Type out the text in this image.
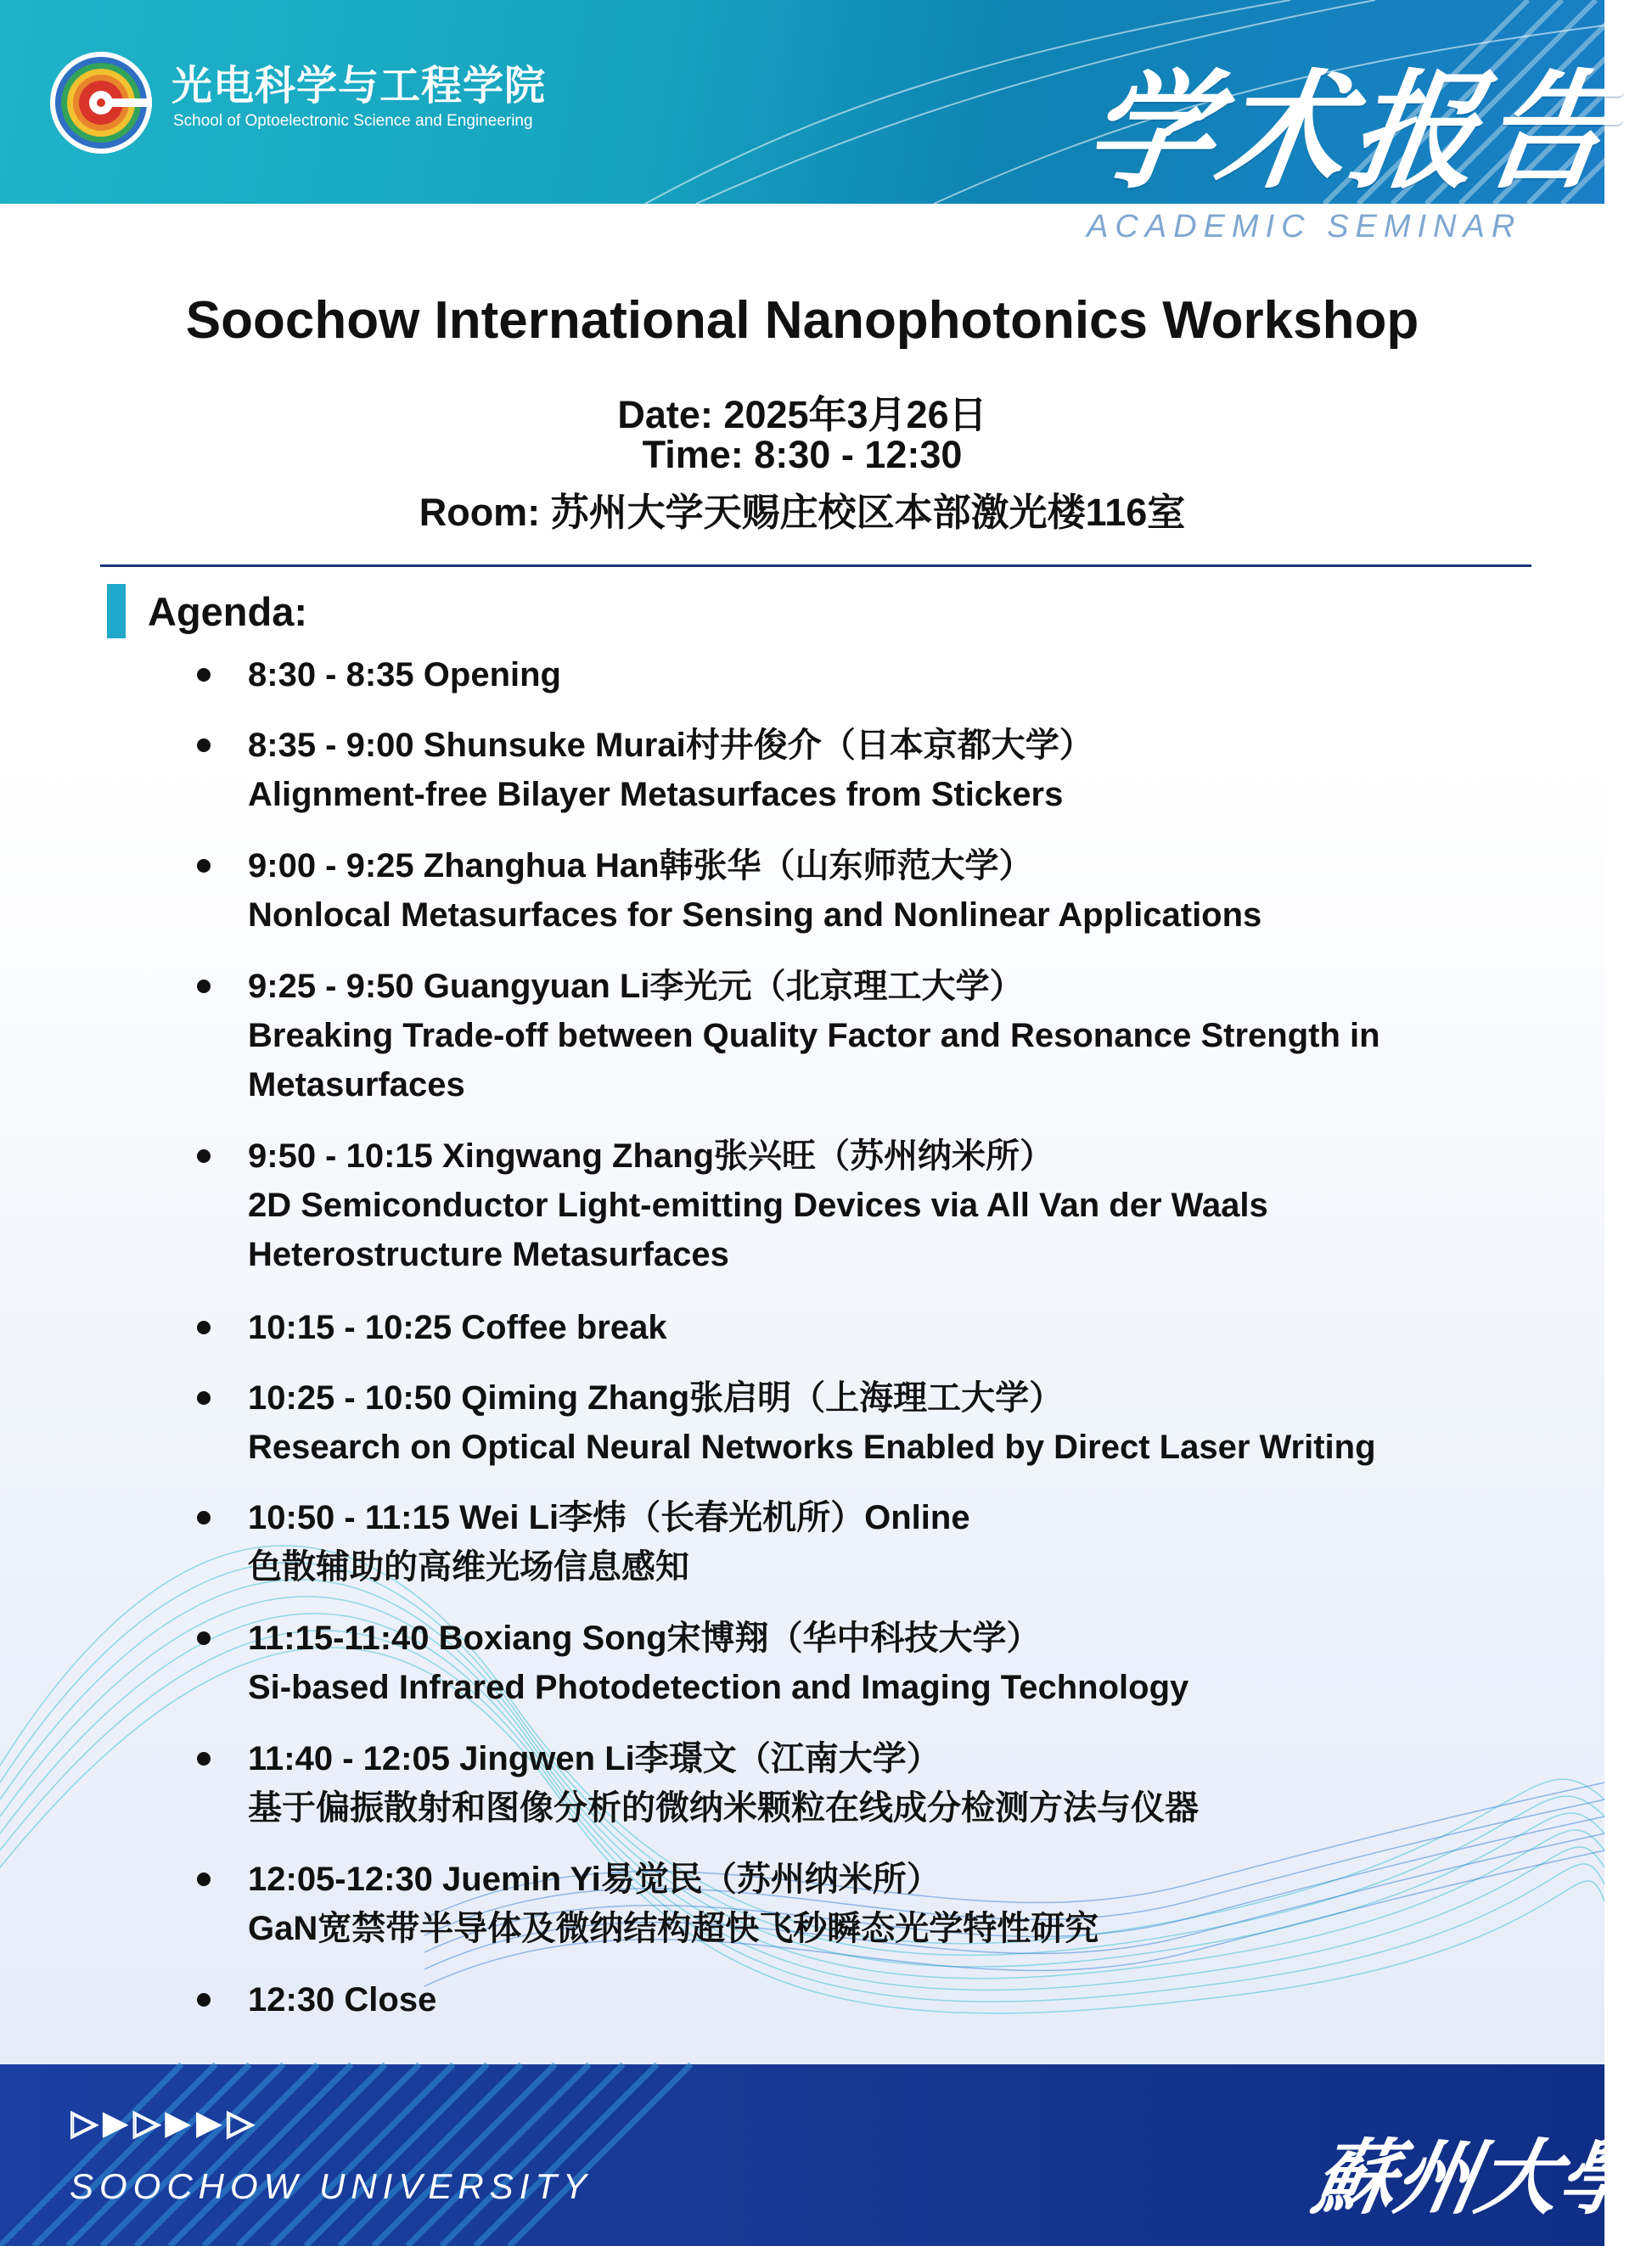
光电科学与工程学院
School of Optoelectronic Science and Engineering	学术报告
ACADEMIC SEMINAR
Soochow International Nanophotonics Workshop
Date: 2025年3月26日
Time: 8:30 - 12:30
Room: 苏州大学天赐庄校区本部激光楼116室
Agenda:
8:30 - 8:35 Opening
8:35 - 9:00 Shunsuke Murai村井俊介（日本京都大学）
Alignment-free Bilayer Metasurfaces from Stickers
9:00 - 9:25 Zhanghua Han韩张华（山东师范大学）
Nonlocal Metasurfaces for Sensing and Nonlinear Applications
9:25 - 9:50 Guangyuan Li李光元（北京理工大学）
Breaking Trade-off between Quality Factor and Resonance Strength in
Metasurfaces
9:50 - 10:15 Xingwang Zhang张兴旺（苏州纳米所）
2D Semiconductor Light-emitting Devices via All Van der Waals
Heterostructure Metasurfaces
10:15 - 10:25 Coffee break
10:25 - 10:50 Qiming Zhang张启明（上海理工大学）
Research on Optical Neural Networks Enabled by Direct Laser Writing
10:50 - 11:15 Wei Li李炜（长春光机所）Online
色散辅助的高维光场信息感知
11:15-11:40 Boxiang Song宋博翔（华中科技大学）
Si-based Infrared Photodetection and Imaging Technology
11:40 - 12:05 Jingwen Li李璟文（江南大学）
基于偏振散射和图像分析的微纳米颗粒在线成分检测方法与仪器
12:05-12:30 Juemin Yi易觉民（苏州纳米所）
GaN宽禁带半导体及微纳结构超快飞秒瞬态光学特性研究
12:30 Close
▷▶▷▶▶▷
SOOCHOW UNIVERSITY	蘇州大學
